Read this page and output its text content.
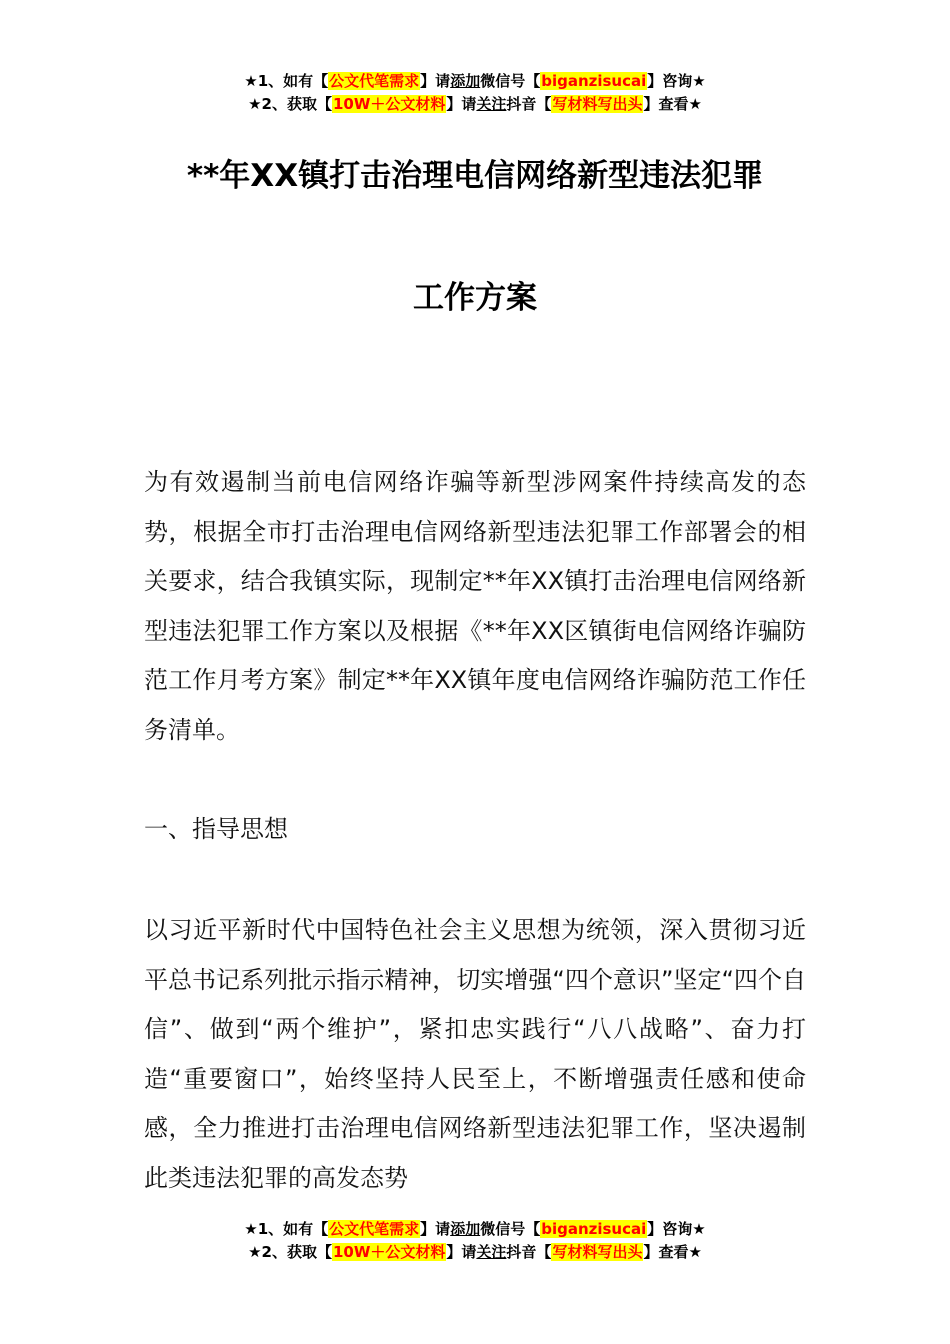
★1、如有【公文代笔需求】请添加微信号【biganzisucai】咨询★
★2、获取【10W＋公文材料】请关注抖音【写材料写出头】查看★
**年XX镇打击治理电信网络新型违法犯罪
工作方案

为有效遏制当前电信网络诈骗等新型涉网案件持续高发的态势，根据全市打击治理电信网络新型违法犯罪工作部署会的相关要求，结合我镇实际，现制定**年XX镇打击治理电信网络新型违法犯罪工作方案以及根据《**年XX区镇街电信网络诈骗防范工作月考方案》制定**年XX镇年度电信网络诈骗防范工作任务清单。

一、指导思想

以习近平新时代中国特色社会主义思想为统领，深入贯彻习近平总书记系列批示指示精神，切实增强“四个意识”坚定“四个自信”、做到“两个维护”，紧扣忠实践行“八八战略”、奋力打造“重要窗口”，始终坚持人民至上，不断增强责任感和使命感，全力推进打击治理电信网络新型违法犯罪工作，坚决遏制此类违法犯罪的高发态势

★1、如有【公文代笔需求】请添加微信号【biganzisucai】咨询★
★2、获取【10W＋公文材料】请关注抖音【写材料写出头】查看★
